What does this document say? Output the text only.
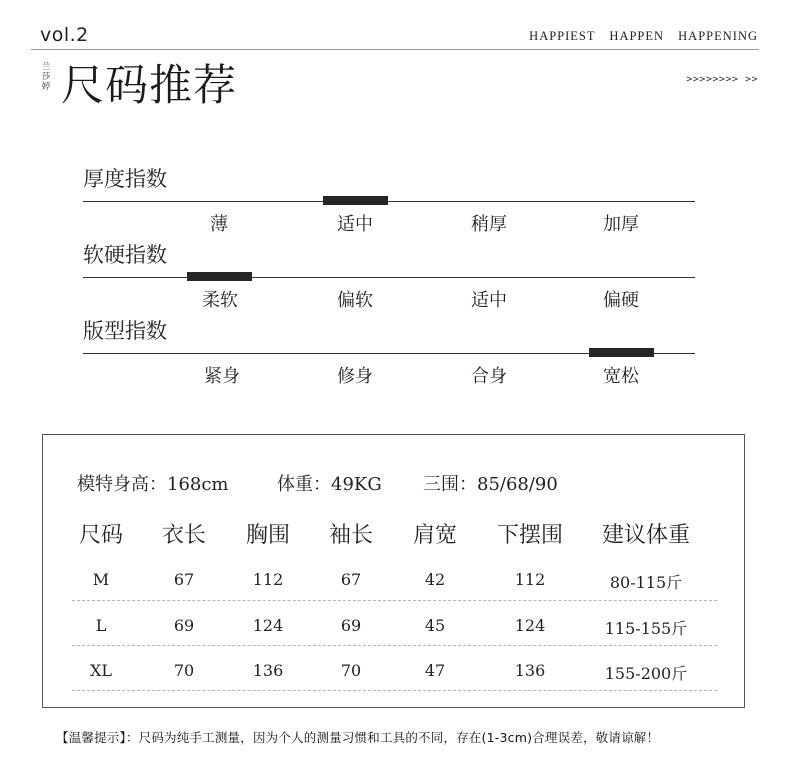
vol.2	HAPPIEST HAPPEN HAPPENING
兰莎婷 尺码推荐	>>>>>>>> >>
厚度指数
薄	适中	稍厚	加厚
软硬指数
柔软	偏软	适中	偏硬
版型指数
紧身	修身	合身	宽松
模特身高：168cm	体重：49KG 三围：85/68/90
尺码 衣长 胸围 袖长 肩宽 下摆围 建议体重
M	67	112	67	42	112	80-115斤
L	69	124	69	45	124	115-155斤
XL	70	136	70	47	136	155-200斤
【温馨提示】：尺码为纯手工测量，因为个人的测量习惯和工具的不同，存在(1-3cm)合理误差，敬请谅解！
